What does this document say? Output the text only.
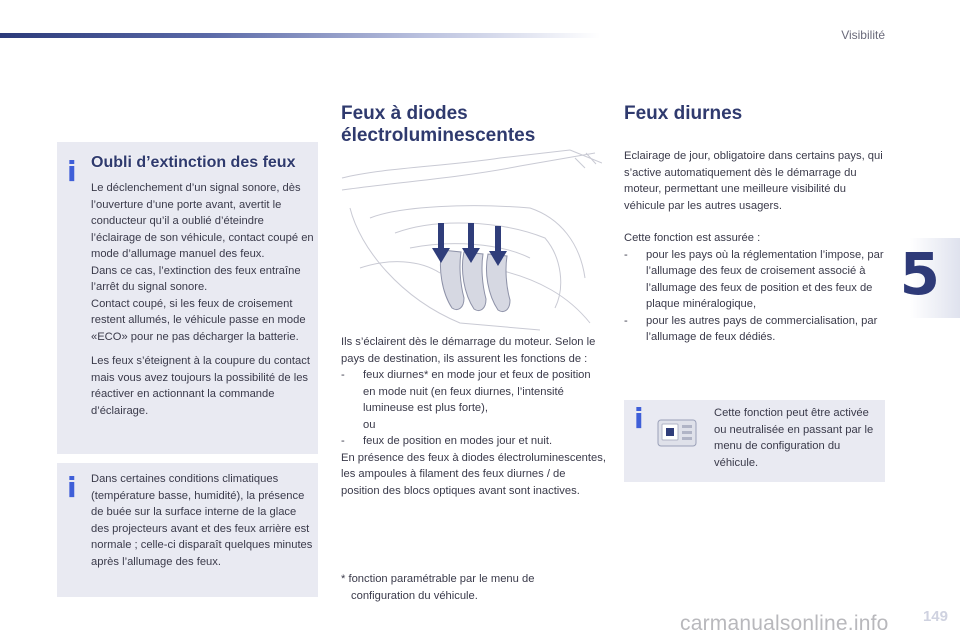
Visibilité
5
i Oubli d’extinction des feux
Le déclenchement d’un signal sonore, dès l’ouverture d’une porte avant, avertit le conducteur qu’il a oublié d’éteindre l’éclairage de son véhicule, contact coupé en mode d’allumage manuel des feux.
Dans ce cas, l’extinction des feux entraîne l’arrêt du signal sonore.
Contact coupé, si les feux de croisement restent allumés, le véhicule passe en mode «ECO» pour ne pas décharger la batterie.
Les feux s’éteignent à la coupure du contact mais vous avez toujours la possibilité de les réactiver en actionnant la commande d’éclairage.
i Dans certaines conditions climatiques (température basse, humidité), la présence de buée sur la surface interne de la glace des projecteurs avant et des feux arrière est normale ; celle-ci disparaît quelques minutes après l’allumage des feux.
Feux à diodes
électroluminescentes
Ils s’éclairent dès le démarrage du moteur. Selon le pays de destination, ils assurent les fonctions de :
- feux diurnes* en mode jour et feux de position en mode nuit (en feux diurnes, l’intensité lumineuse est plus forte),
ou
- feux de position en modes jour et nuit.
En présence des feux à diodes électroluminescentes, les ampoules à filament des feux diurnes / de position des blocs optiques avant sont inactives.
* fonction paramétrable par le menu de
configuration du véhicule.
Feux diurnes
Eclairage de jour, obligatoire dans certains pays, qui s’active automatiquement dès le démarrage du moteur, permettant une meilleure visibilité du véhicule par les autres usagers.
Cette fonction est assurée :
- pour les pays où la réglementation l’impose, par l’allumage des feux de croisement associé à l’allumage des feux de position et des feux de plaque minéralogique,
- pour les autres pays de commercialisation, par l’allumage de feux dédiés.
i	Cette fonction peut être activée ou neutralisée en passant par le menu de configuration du véhicule.
149
carmanualsonline.info
